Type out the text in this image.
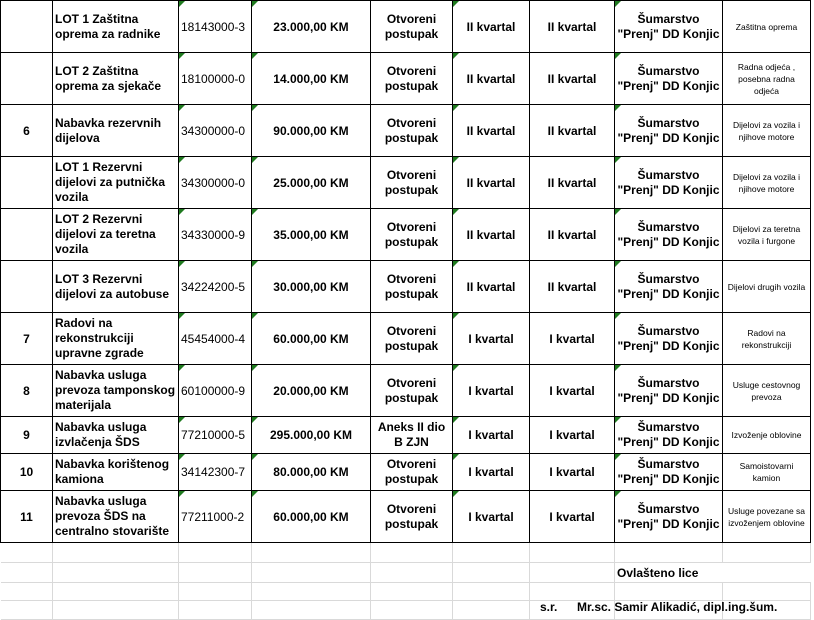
	LOT 1 Zaštitna oprema za radnike	18143000-3	23.000,00 KM	Otvoreni postupak	II kvartal	II kvartal	Šumarstvo "Prenj" DD Konjic	Zaštitna oprema
	LOT 2 Zaštitna oprema za sjekače	18100000-0	14.000,00 KM	Otvoreni postupak	II kvartal	II kvartal	Šumarstvo "Prenj" DD Konjic	Radna odjeća , posebna radna odjeća
6	Nabavka rezervnih dijelova	34300000-0	90.000,00 KM	Otvoreni postupak	II kvartal	II kvartal	Šumarstvo "Prenj" DD Konjic	Dijelovi za vozila i njihove motore
	LOT 1 Rezervni dijelovi za putnička vozila	34300000-0	25.000,00 KM	Otvoreni postupak	II kvartal	II kvartal	Šumarstvo "Prenj" DD Konjic	Dijelovi za vozila i njihove motore
	LOT 2 Rezervni dijelovi za teretna vozila	34330000-9	35.000,00 KM	Otvoreni postupak	II kvartal	II kvartal	Šumarstvo "Prenj" DD Konjic	Dijelovi za teretna vozila i furgone
	LOT 3 Rezervni dijelovi za autobuse	34224200-5	30.000,00 KM	Otvoreni postupak	II kvartal	II kvartal	Šumarstvo "Prenj" DD Konjic	Dijelovi drugih vozila
7	Radovi na rekonstrukciji upravne zgrade	45454000-4	60.000,00 KM	Otvoreni postupak	I kvartal	I kvartal	Šumarstvo "Prenj" DD Konjic	Radovi na rekonstrukciji
8	Nabavka usluga prevoza tamponskog materijala	60100000-9	20.000,00 KM	Otvoreni postupak	I kvartal	I kvartal	Šumarstvo "Prenj" DD Konjic	Usluge cestovnog prevoza
9	Nabavka usluga izvlačenja ŠDS	77210000-5	295.000,00 KM	Aneks II dio B ZJN	I kvartal	I kvartal	Šumarstvo "Prenj" DD Konjic	Izvoženje oblovine
10	Nabavka korištenog kamiona	34142300-7	80.000,00 KM	Otvoreni postupak	I kvartal	I kvartal	Šumarstvo "Prenj" DD Konjic	Samoistovarni kamion
11	Nabavka usluga prevoza ŠDS na centralno stovarište	77211000-2	60.000,00 KM	Otvoreni postupak	I kvartal	I kvartal	Šumarstvo "Prenj" DD Konjic	Usluge povezane sa izvoženjem oblovine

							Ovlašteno lice	

s.r. Mr.sc. Samir Alikadić, dipl.ing.šum.
